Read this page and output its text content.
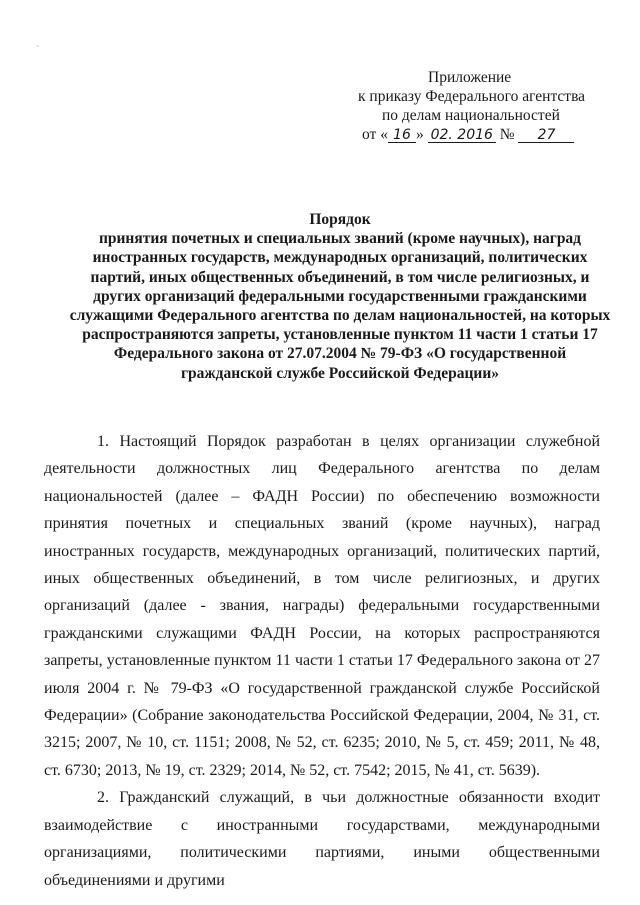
`
Приложение
к приказу Федерального агентства
по делам национальностей
от « 16 » 02. 2016 № 27
Порядок
принятия почетных и специальных званий (кроме научных), наград
иностранных государств, международных организаций, политических
партий, иных общественных объединений, в том числе религиозных, и
других организаций федеральными государственными гражданскими
служащими Федерального агентства по делам национальностей, на которых
распространяются запреты, установленные пунктом 11 части 1 статьи 17
Федерального закона от 27.07.2004 № 79-ФЗ «О государственной
гражданской службе Российской Федерации»

1. Настоящий Порядок разработан в целях организации служебной деятельности должностных лиц Федерального агентства по делам национальностей (далее – ФАДН России) по обеспечению возможности принятия почетных и специальных званий (кроме научных), наград иностранных государств, международных организаций, политических партий, иных общественных объединений, в том числе религиозных, и других организаций (далее - звания, награды) федеральными государственными гражданскими служащими ФАДН России, на которых распространяются запреты, установленные пунктом 11 части 1 статьи 17 Федерального закона от 27 июля 2004 г. № 79-ФЗ «О государственной гражданской службе Российской Федерации» (Собрание законодательства Российской Федерации, 2004, № 31, ст. 3215; 2007, № 10, ст. 1151; 2008, № 52, ст. 6235; 2010, № 5, ст. 459; 2011, № 48, ст. 6730; 2013, № 19, ст. 2329; 2014, № 52, ст. 7542; 2015, № 41, ст. 5639).

2. Гражданский служащий, в чьи должностные обязанности входит взаимодействие с иностранными государствами, международными организациями, политическими партиями, иными общественными объединениями и другими
